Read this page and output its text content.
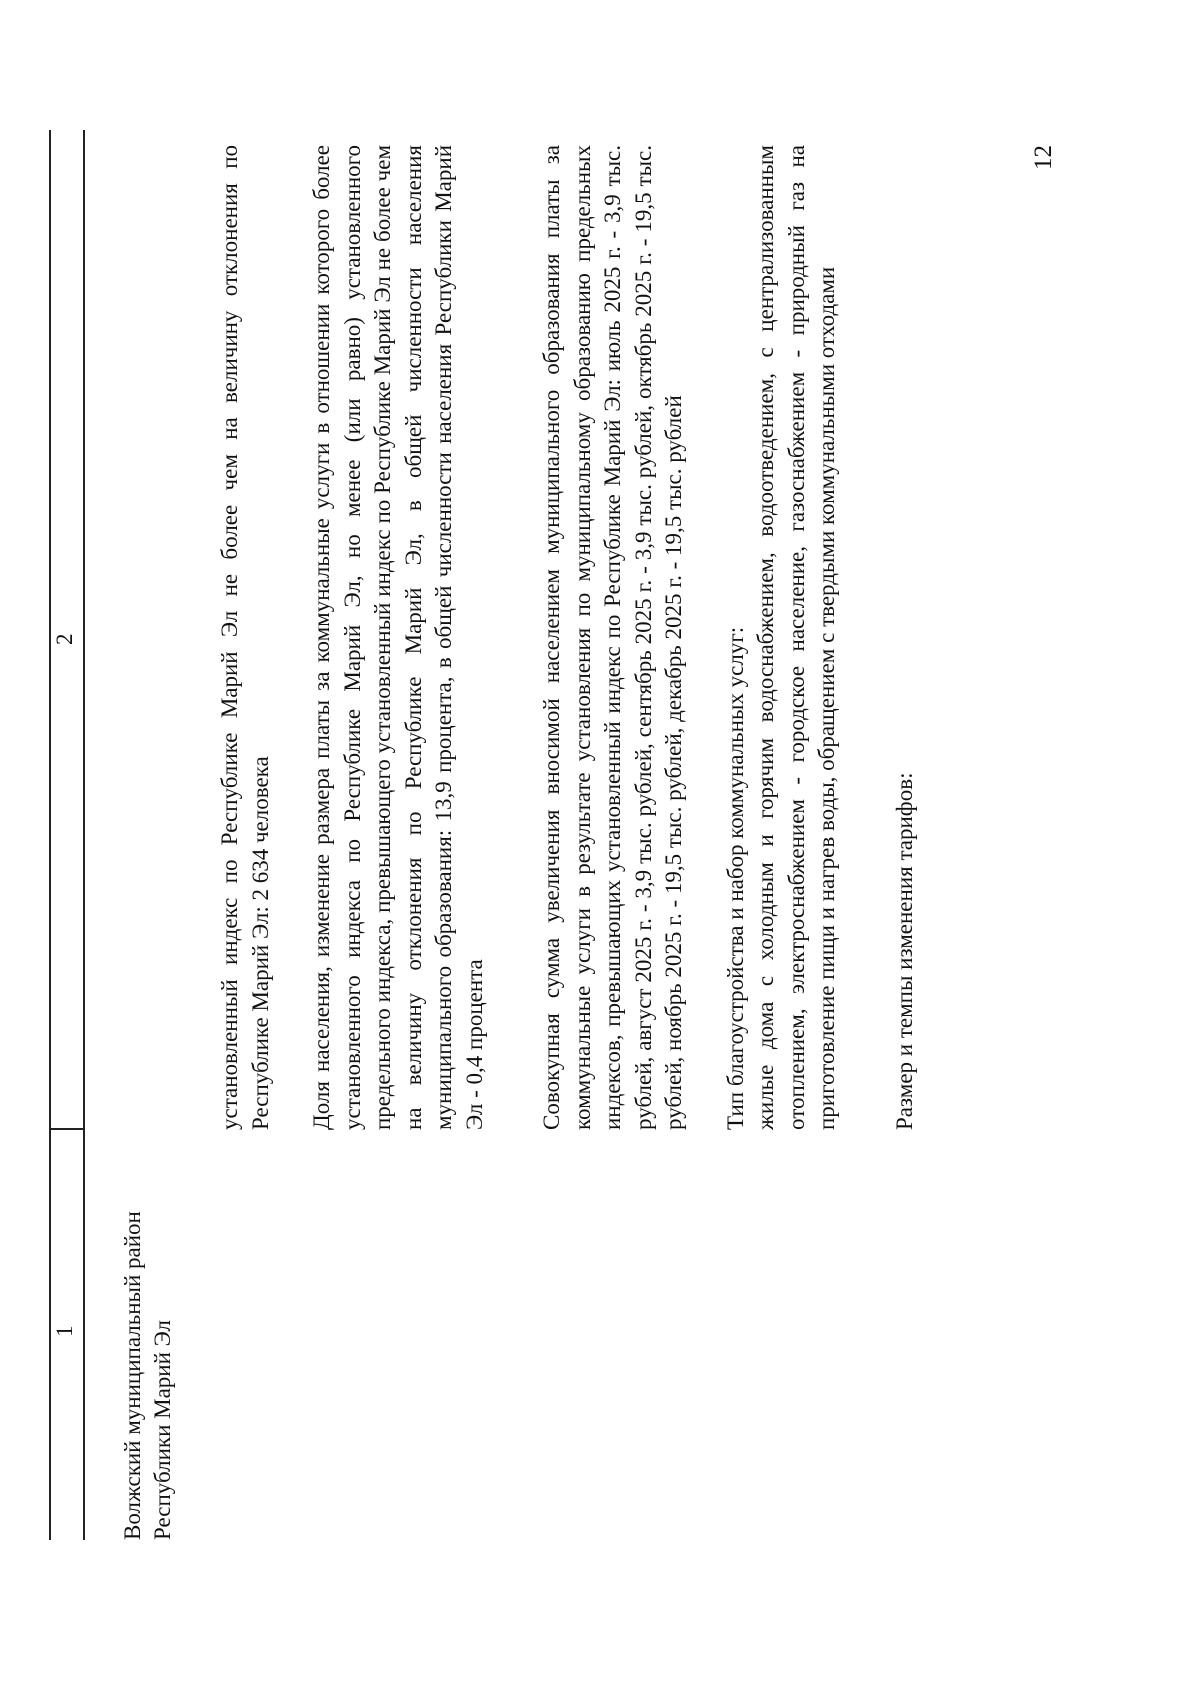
12
1
2
Волжский муниципальный район Республики Марий Эл

установленный индекс по Республике Марий Эл не более чем на величину отклонения по Республике Марий Эл: 2 634 человека Доля населения, изменение размера платы за коммунальные услуги в отношении которого более установленного индекса по Республике Марий Эл, но менее (или равно) установленного предельного индекса, превышающего установленный индекс по Республике Марий Эл не более чем на величину отклонения по Республике Марий Эл, в общей численности населения муниципального образования: 13,9 процента, в общей численности населения Республики Марий Эл - 0,4 процента Совокупная сумма увеличения вносимой населением муниципального образования платы за коммунальные услуги в результате установления по муниципальному образованию предельных индексов, превышающих установленный индекс по Республике Марий Эл: июль 2025 г. - 3,9 тыс. рублей, август 2025 г. - 3,9 тыс. рублей, сентябрь 2025 г. - 3,9 тыс. рублей, октябрь 2025 г. - 19,5 тыс. рублей, ноябрь 2025 г. - 19,5 тыс. рублей, декабрь 2025 г. - 19,5 тыс. рублей Тип благоустройства и набор коммунальных услуг: жилые дома с холодным и горячим водоснабжением, водоотведением, с централизованным отоплением, электроснабжением - городское население, газоснабжением - природный газ на приготовление пищи и нагрев воды, обращением с твердыми коммунальными отходами Размер и темпы изменения тарифов:
